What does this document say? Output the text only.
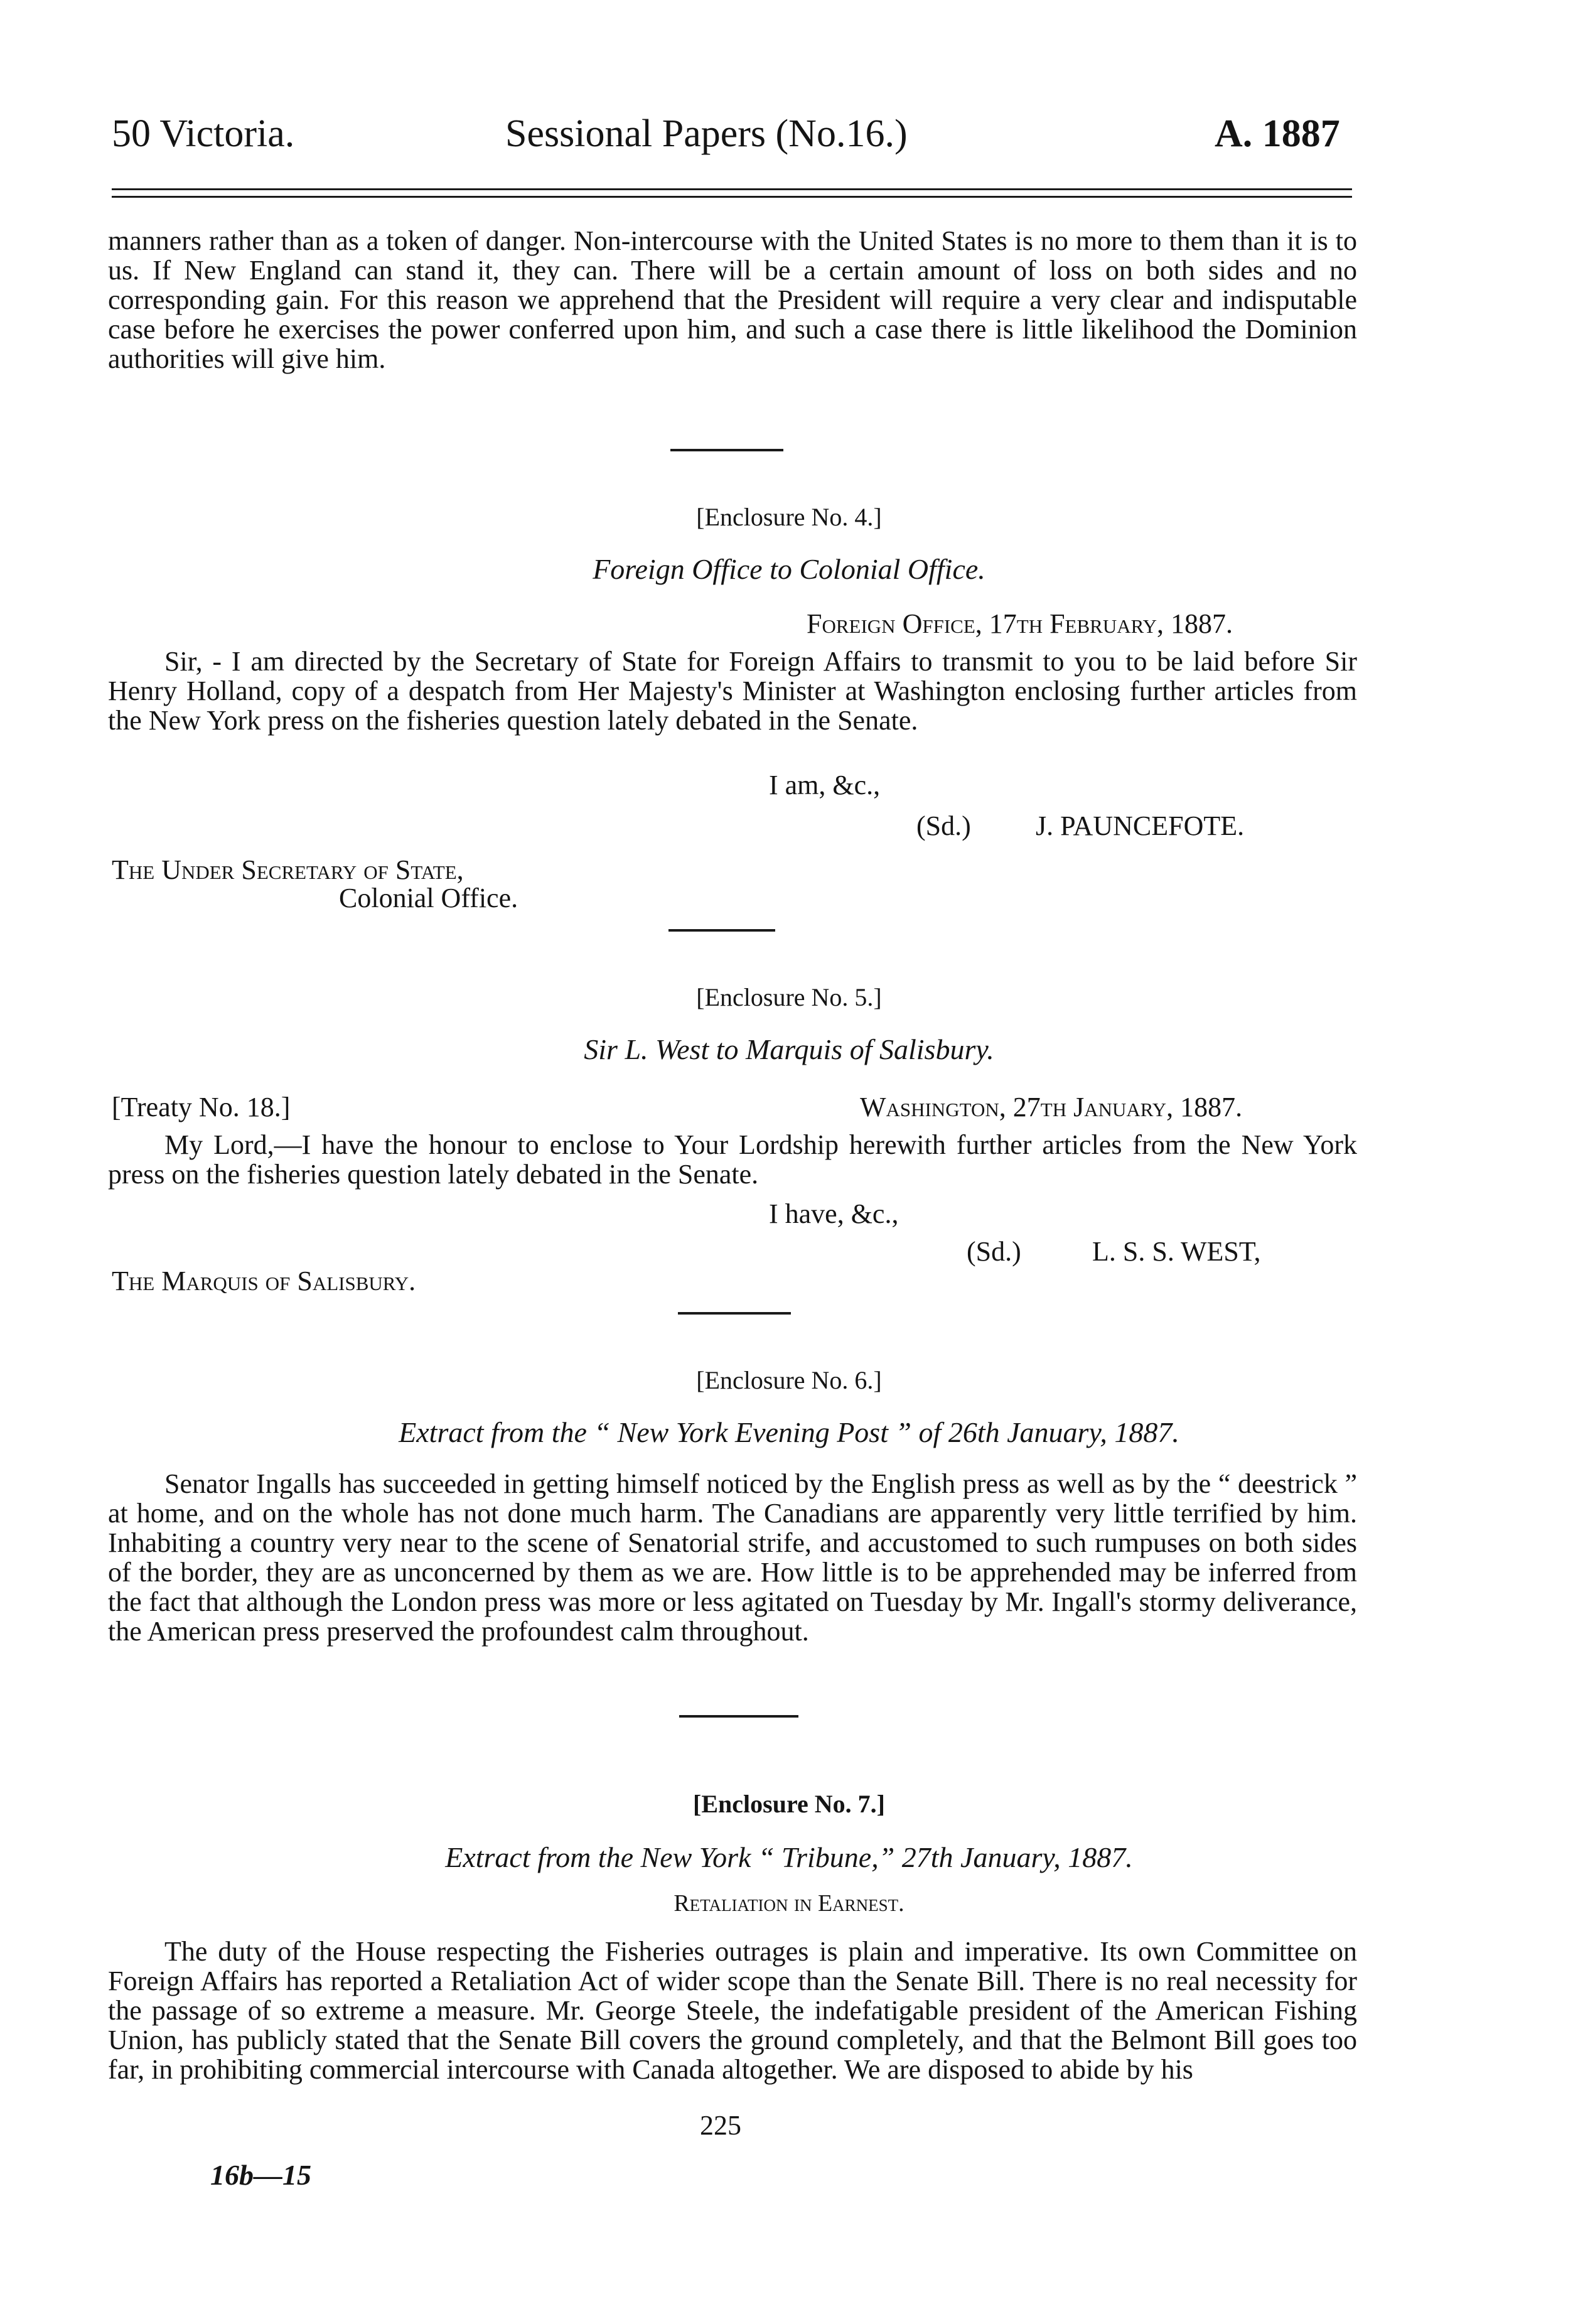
50 Victoria.	Sessional Papers (No.16.)	A. 1887

manners rather than as a token of danger. Non-intercourse with the United States is no more to them than it is to us. If New England can stand it, they can. There will be a certain amount of loss on both sides and no corresponding gain. For this reason we apprehend that the President will require a very clear and indisputable case before he exercises the power conferred upon him, and such a case there is little likelihood the Dominion authorities will give him.

[Enclosure No. 4.]
Foreign Office to Colonial Office.
Foreign Office, 17th February, 1887.

Sir, - I am directed by the Secretary of State for Foreign Affairs to transmit to you to be laid before Sir Henry Holland, copy of a despatch from Her Majesty's Minister at Washington enclosing further articles from the New York press on the fisheries question lately debated in the Senate.

I am, &c.,
(Sd.) J. PAUNCEFOTE.
The Under Secretary of State,
Colonial Office.
[Enclosure No. 5.]
Sir L. West to Marquis of Salisbury.
[Treaty No. 18.]	Washington, 27th January, 1887.

My Lord,—I have the honour to enclose to Your Lordship herewith further articles from the New York press on the fisheries question lately debated in the Senate.

I have, &c.,
(Sd.)	L. S. S. WEST,
The Marquis of Salisbury.
[Enclosure No. 6.]
Extract from the “ New York Evening Post ” of 26th January, 1887.

Senator Ingalls has succeeded in getting himself noticed by the English press as well as by the “ deestrick ” at home, and on the whole has not done much harm. The Canadians are apparently very little terrified by him. Inhabiting a country very near to the scene of Senatorial strife, and accustomed to such rumpuses on both sides of the border, they are as unconcerned by them as we are. How little is to be apprehended may be inferred from the fact that although the London press was more or less agitated on Tuesday by Mr. Ingall's stormy deliverance, the American press preserved the profoundest calm throughout.

[Enclosure No. 7.]
Extract from the New York “ Tribune,” 27th January, 1887.
Retaliation in Earnest.

The duty of the House respecting the Fisheries outrages is plain and imperative. Its own Committee on Foreign Affairs has reported a Retaliation Act of wider scope than the Senate Bill. There is no real necessity for the passage of so extreme a measure. Mr. George Steele, the indefatigable president of the American Fishing Union, has publicly stated that the Senate Bill covers the ground completely, and that the Belmont Bill goes too far, in prohibiting commercial intercourse with Canada altogether. We are disposed to abide by his

225
16b—15
